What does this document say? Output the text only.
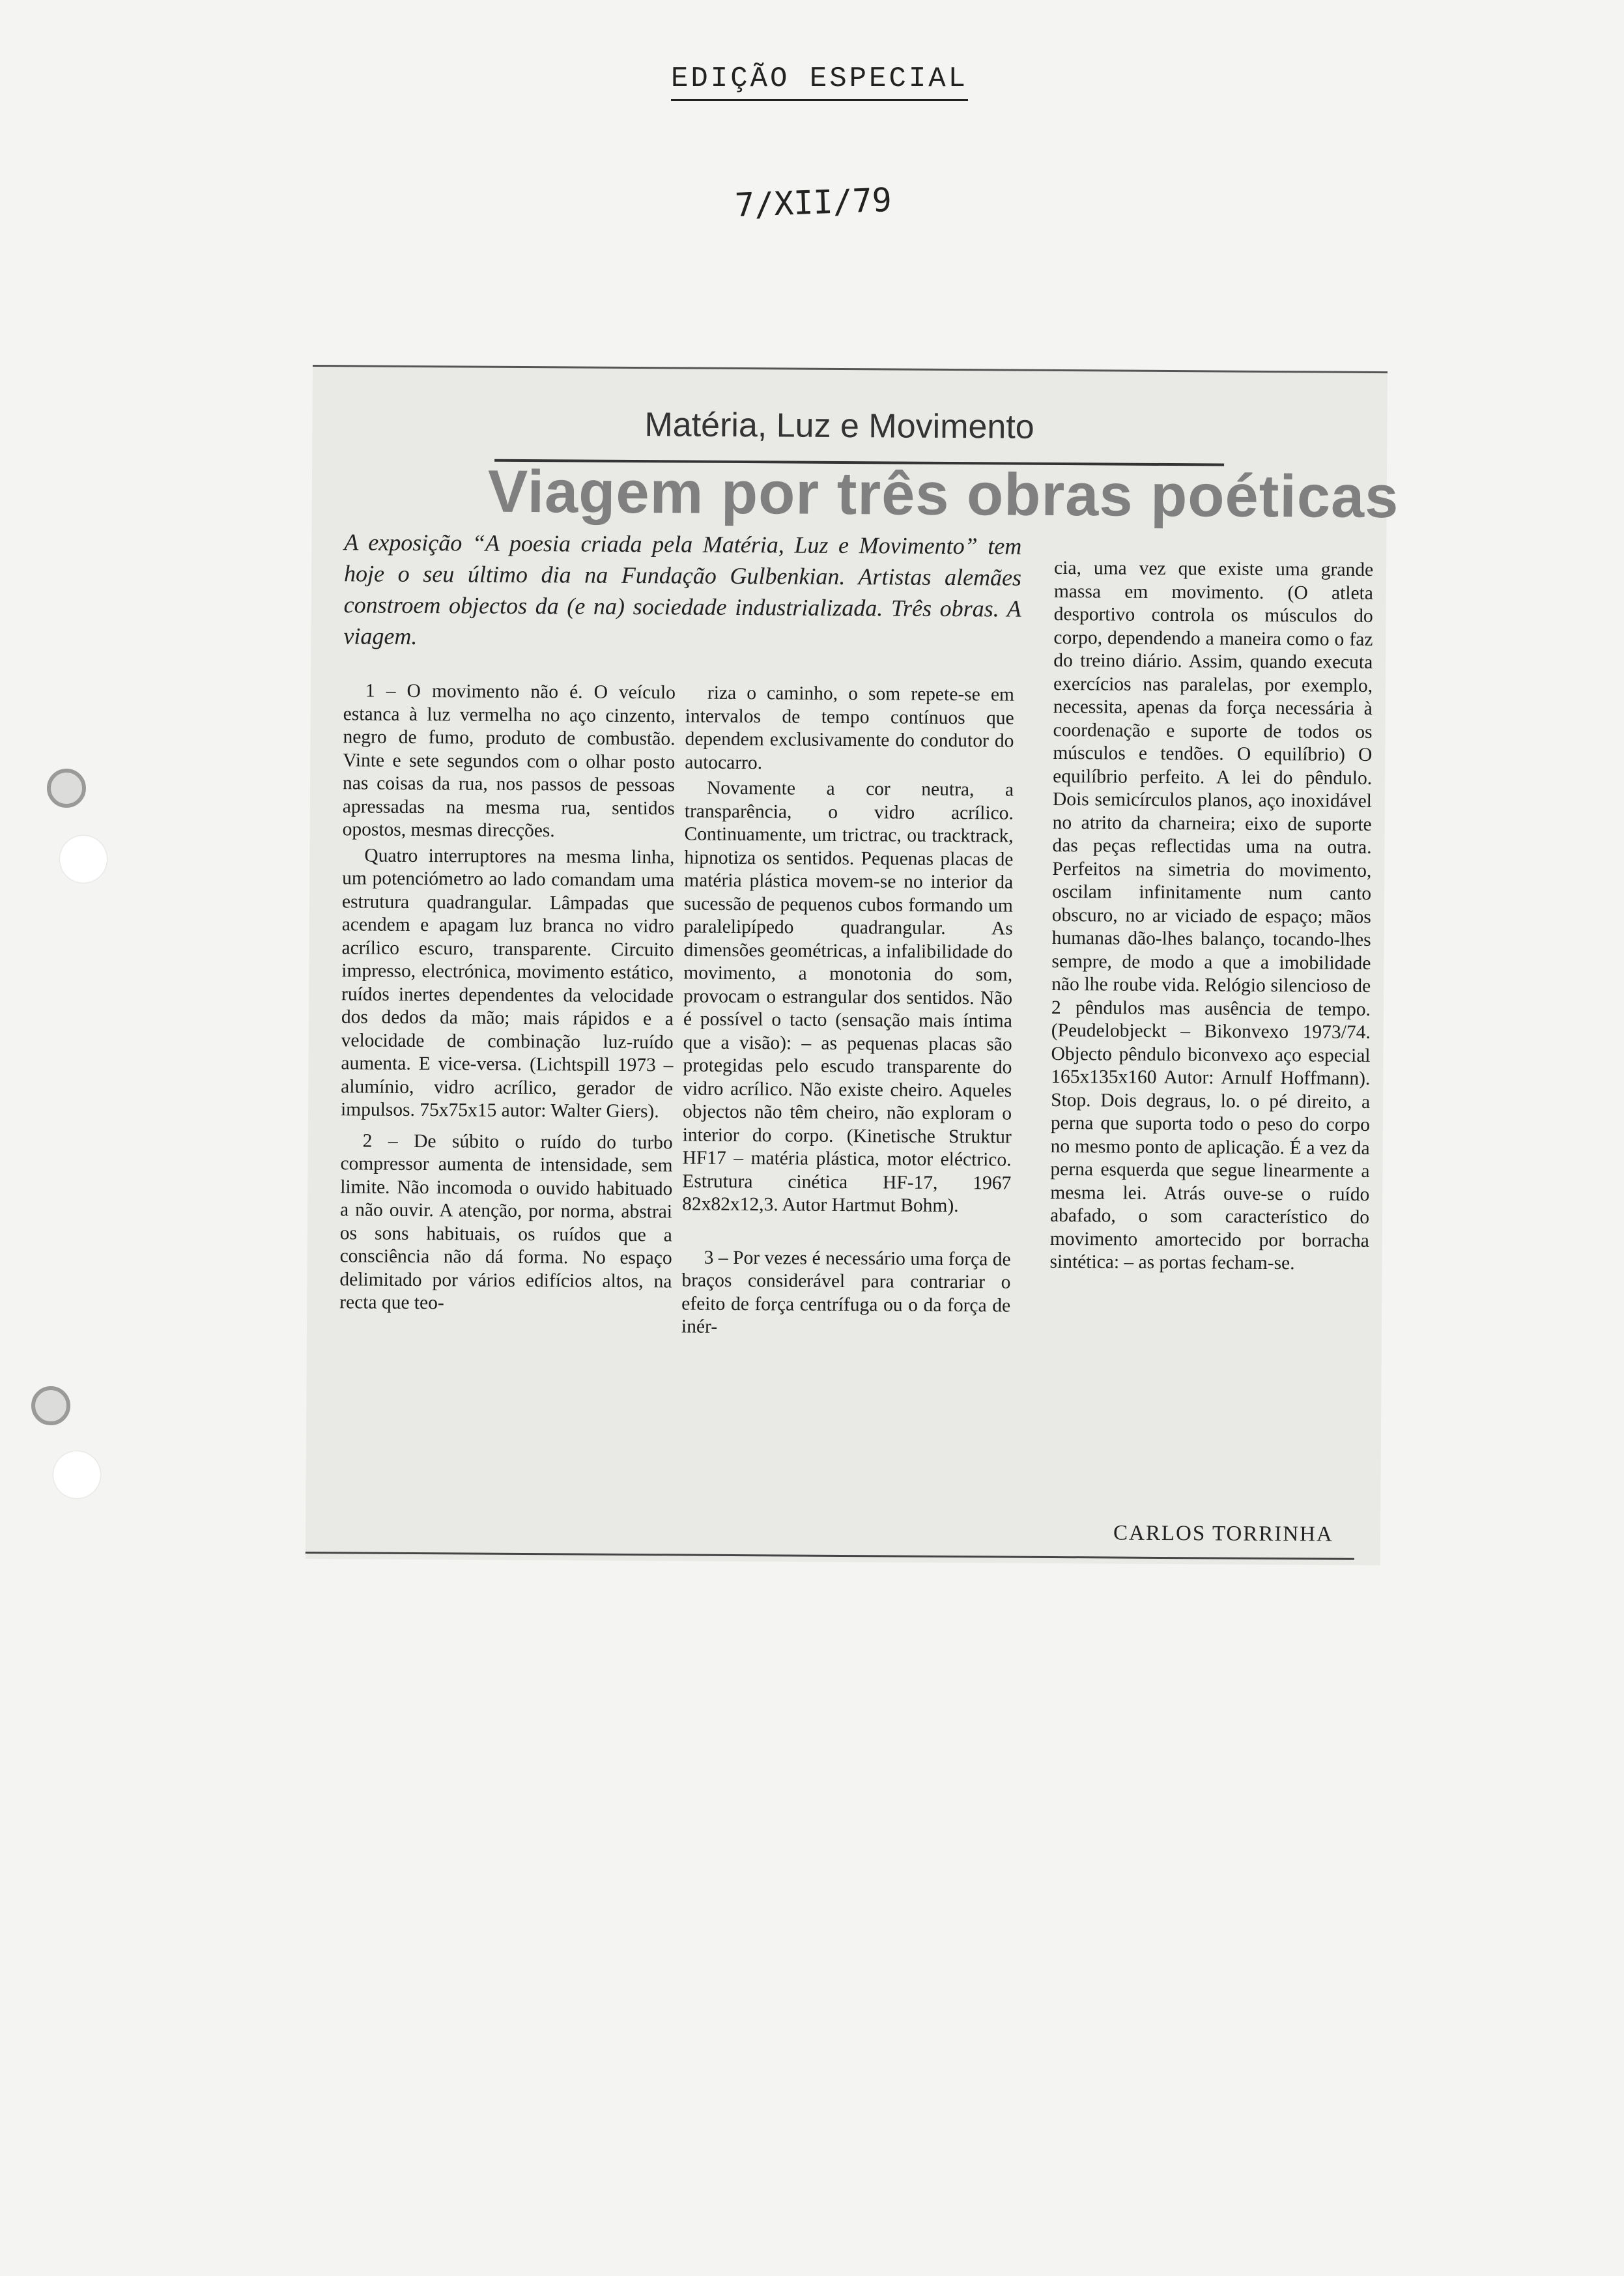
EDIÇÃO ESPECIAL
7/XII/79
Matéria, Luz e Movimento
Viagem por três obras poéticas
A exposição “A poesia criada pela Matéria, Luz e Movimento” tem hoje o seu último dia na Fundação Gulbenkian. Artistas alemães constroem objectos da (e na) sociedade industrializada. Três obras. A viagem.

1 – O movimento não é. O veículo estanca à luz vermelha no aço cinzento, negro de fumo, produto de combustão. Vinte e sete segundos com o olhar posto nas coisas da rua, nos passos de pessoas apressadas na mesma rua, sentidos opostos, mesmas direcções.

Quatro interruptores na mesma linha, um potenciómetro ao lado comandam uma estrutura quadrangular. Lâmpadas que acendem e apagam luz branca no vidro acrílico escuro, transparente. Circuito impresso, electrónica, movimento estático, ruídos inertes dependentes da velocidade dos dedos da mão; mais rápidos e a velocidade de combinação luz-ruído aumenta. E vice-versa. (Lichtspill 1973 – alumínio, vidro acrílico, gerador de impulsos. 75x75x15 autor: Walter Giers).

2 – De súbito o ruído do turbo compressor aumenta de intensidade, sem limite. Não incomoda o ouvido habituado a não ouvir. A atenção, por norma, abstrai os sons habituais, os ruídos que a consciência não dá forma. No espaço delimitado por vários edifícios altos, na recta que teo-

riza o caminho, o som repete-se em intervalos de tempo contínuos que dependem exclusivamente do condutor do autocarro.

Novamente a cor neutra, a transparência, o vidro acrílico. Continuamente, um trictrac, ou tracktrack, hipnotiza os sentidos. Pequenas placas de matéria plástica movem-se no interior da sucessão de pequenos cubos formando um paralelipípedo quadrangular. As dimensões geométricas, a infalibilidade do movimento, a monotonia do som, provocam o estrangular dos sentidos. Não é possível o tacto (sensação mais íntima que a visão): – as pequenas placas são protegidas pelo escudo transparente do vidro acrílico. Não existe cheiro. Aqueles objectos não têm cheiro, não exploram o interior do corpo. (Kinetische Struktur HF17 – matéria plástica, motor eléctrico. Estrutura cinética HF-17, 1967 82x82x12,3. Autor Hartmut Bohm).

3 – Por vezes é necessário uma força de braços considerável para contrariar o efeito de força centrífuga ou o da força de inér-

cia, uma vez que existe uma grande massa em movimento. (O atleta desportivo controla os músculos do corpo, dependendo a maneira como o faz do treino diário. Assim, quando executa exercícios nas paralelas, por exemplo, necessita, apenas da força necessária à coordenação e suporte de todos os músculos e tendões. O equilíbrio) O equilíbrio perfeito. A lei do pêndulo. Dois semicírculos planos, aço inoxidável no atrito da charneira; eixo de suporte das peças reflectidas uma na outra. Perfeitos na simetria do movimento, oscilam infinitamente num canto obscuro, no ar viciado de espaço; mãos humanas dão-lhes balanço, tocando-lhes sempre, de modo a que a imobilidade não lhe roube vida. Relógio silencioso de 2 pêndulos mas ausência de tempo. (Peudelobjeckt – Bikonvexo 1973/74. Objecto pêndulo biconvexo aço especial 165x135x160 Autor: Arnulf Hoffmann). Stop. Dois degraus, lo. o pé direito, a perna que suporta todo o peso do corpo no mesmo ponto de aplicação. É a vez da perna esquerda que segue linearmente a mesma lei. Atrás ouve-se o ruído abafado, o som característico do movimento amortecido por borracha sintética: – as portas fecham-se.

CARLOS TORRINHA
